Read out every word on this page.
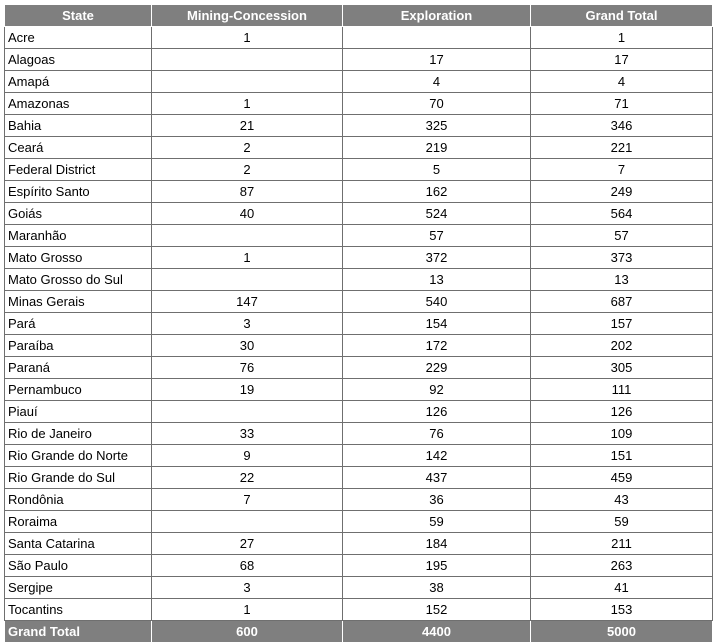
State	Mining-Concession	Exploration	Grand Total
Acre	1		1
Alagoas		17	17
Amapá		4	4
Amazonas	1	70	71
Bahia	21	325	346
Ceará	2	219	221
Federal District	2	5	7
Espírito Santo	87	162	249
Goiás	40	524	564
Maranhão		57	57
Mato Grosso	1	372	373
Mato Grosso do Sul		13	13
Minas Gerais	147	540	687
Pará	3	154	157
Paraíba	30	172	202
Paraná	76	229	305
Pernambuco	19	92	111
Piauí		126	126
Rio de Janeiro	33	76	109
Rio Grande do Norte	9	142	151
Rio Grande do Sul	22	437	459
Rondônia	7	36	43
Roraima		59	59
Santa Catarina	27	184	211
São Paulo	68	195	263
Sergipe	3	38	41
Tocantins	1	152	153
Grand Total	600	4400	5000
